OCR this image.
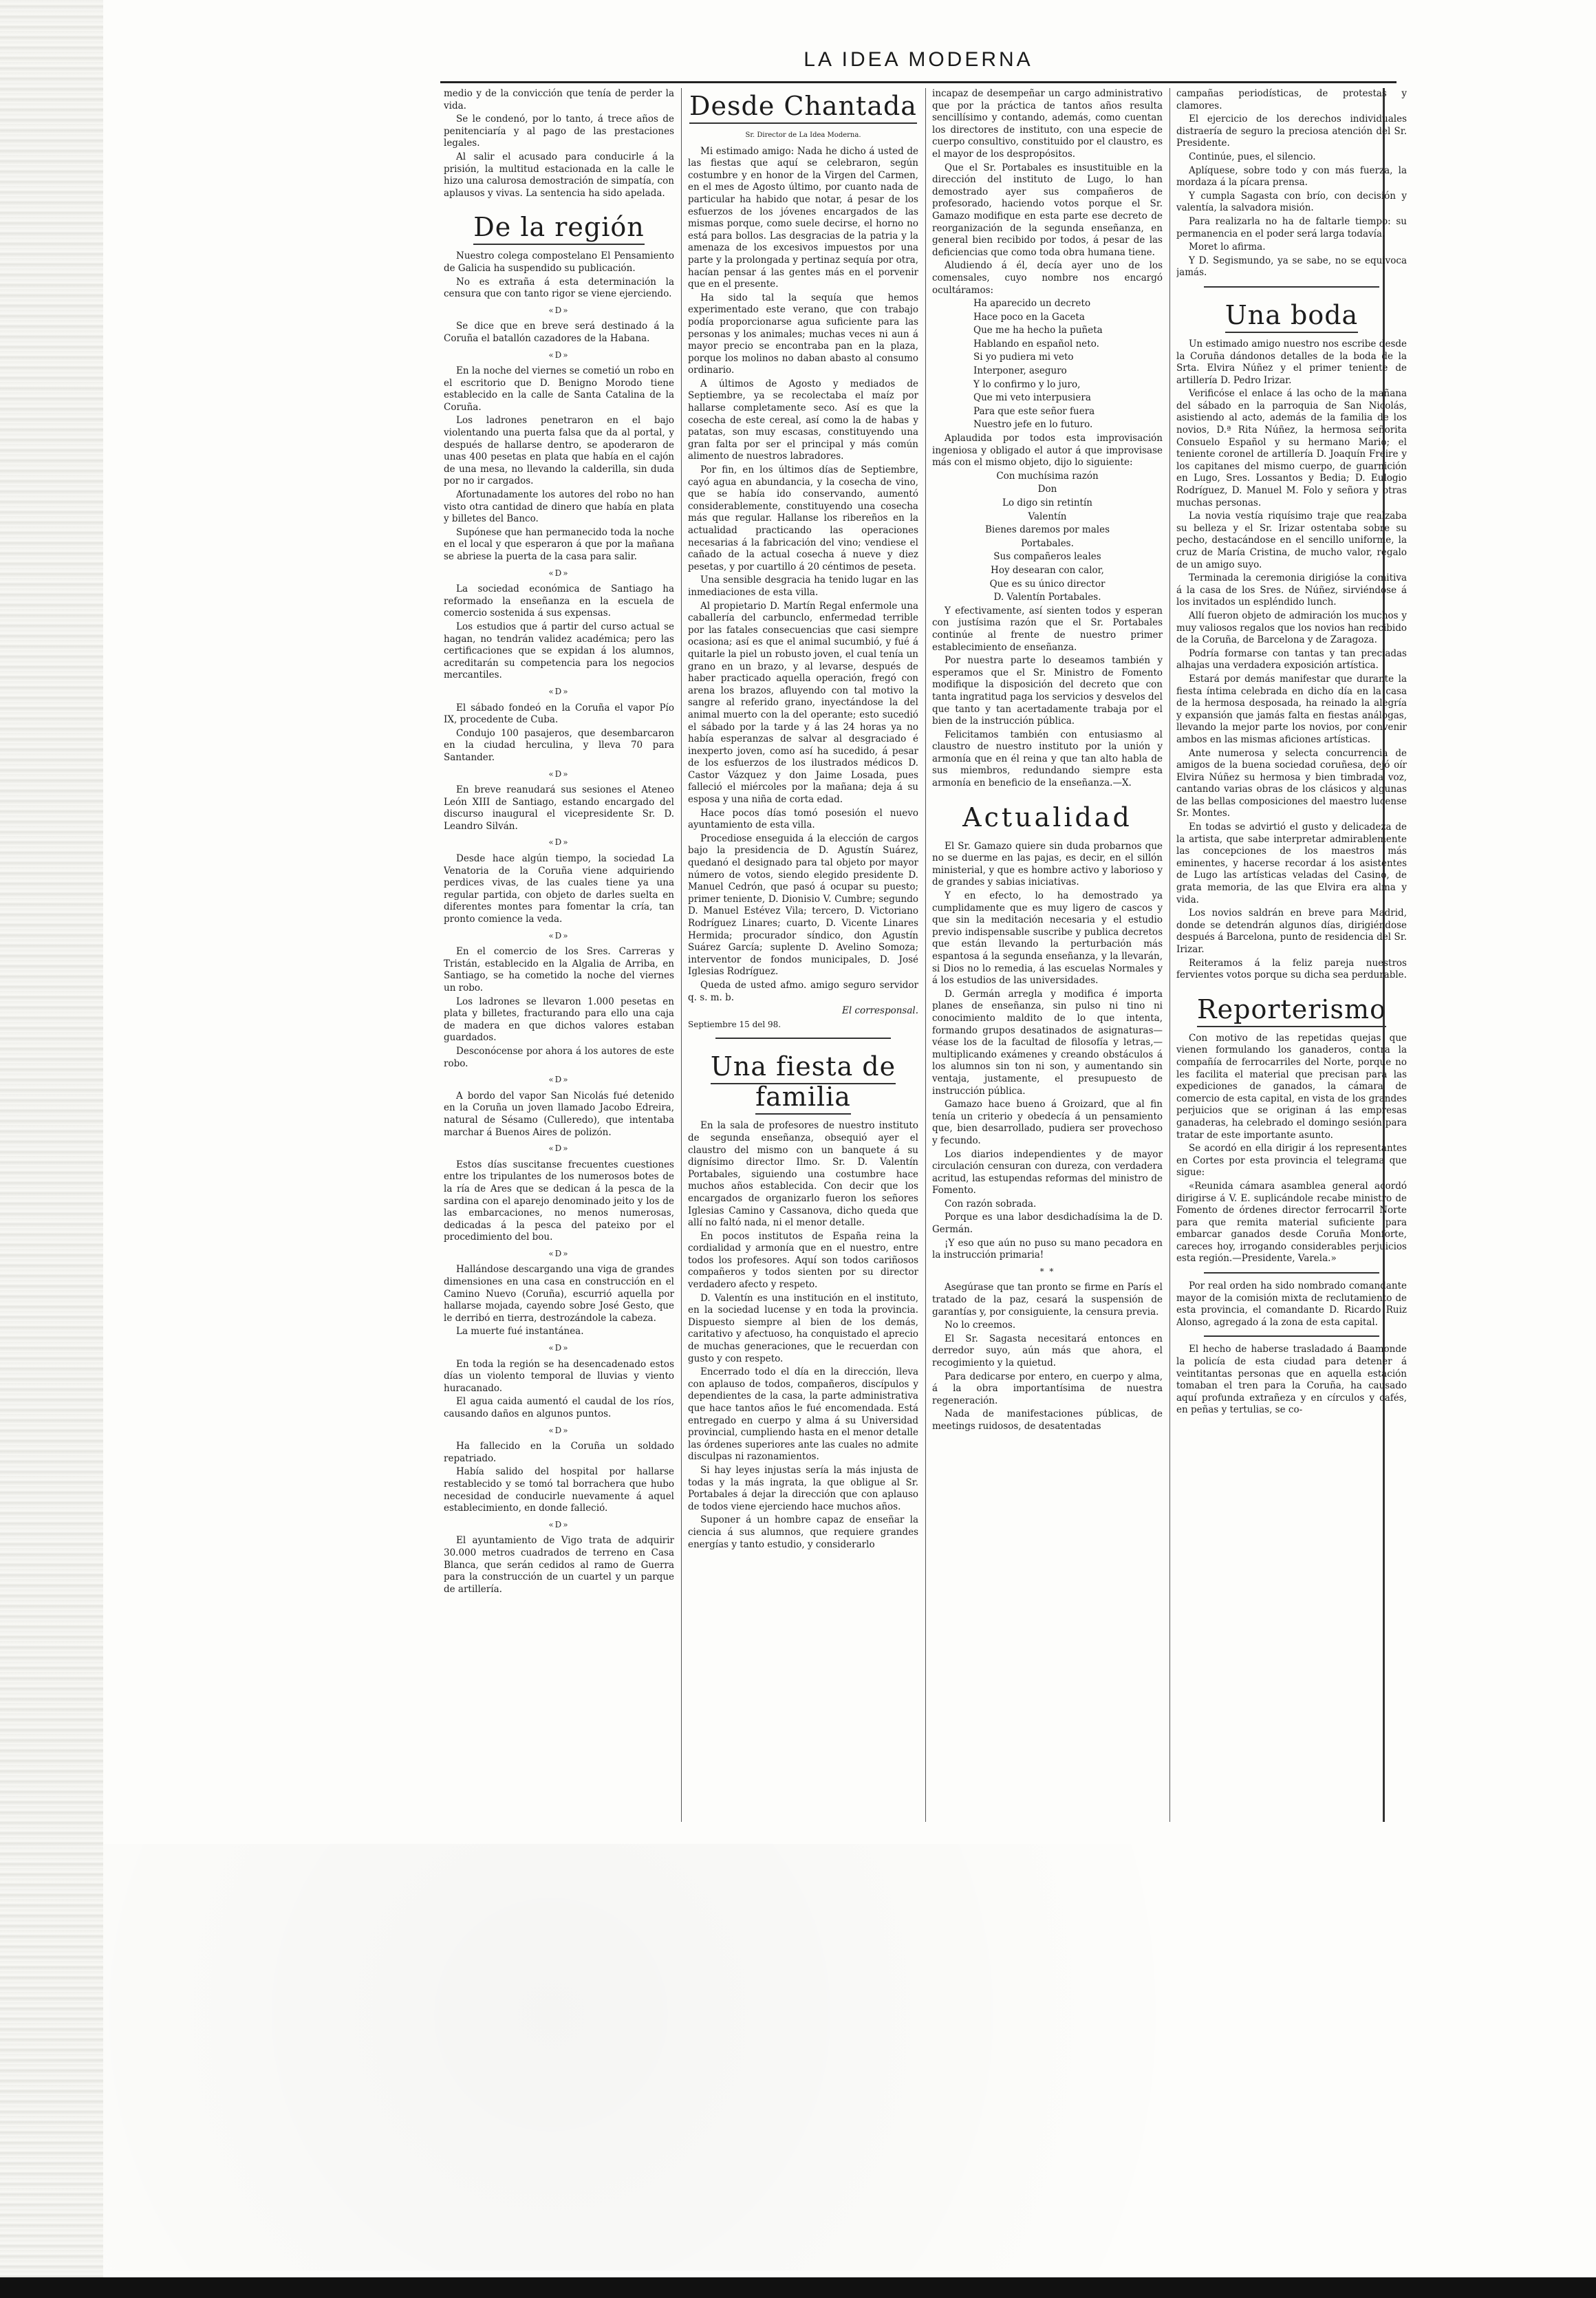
LA IDEA MODERNA

medio y de la convicción que tenía de perder la vida.

Se le condenó, por lo tanto, á trece años de penitenciaría y al pago de las prestaciones legales.

Al salir el acusado para conducirle á la prisión, la multitud estacionada en la calle le hizo una calurosa demostración de simpatía, con aplausos y vivas. La sentencia ha sido apelada.

De la región

Nuestro colega compostelano El Pensamiento de Galicia ha suspendido su publicación.

No es extraña á esta determinación la censura que con tanto rigor se viene ejerciendo.

«D»

Se dice que en breve será destinado á la Coruña el batallón cazadores de la Habana.

«D»

En la noche del viernes se cometió un robo en el escritorio que D. Benigno Morodo tiene establecido en la calle de Santa Catalina de la Coruña.

Los ladrones penetraron en el bajo violentando una puerta falsa que da al portal, y después de hallarse dentro, se apoderaron de unas 400 pesetas en plata que había en el cajón de una mesa, no llevando la calderilla, sin duda por no ir cargados.

Afortunadamente los autores del robo no han visto otra cantidad de dinero que había en plata y billetes del Banco.

Supónese que han permanecido toda la noche en el local y que esperaron á que por la mañana se abriese la puerta de la casa para salir.

«D»

La sociedad económica de Santiago ha reformado la enseñanza en la escuela de comercio sostenida á sus expensas.

Los estudios que á partir del curso actual se hagan, no tendrán validez académica; pero las certificaciones que se expidan á los alumnos, acreditarán su competencia para los negocios mercantiles.

«D»

El sábado fondeó en la Coruña el vapor Pío IX, procedente de Cuba.

Condujo 100 pasajeros, que desembarcaron en la ciudad herculina, y lleva 70 para Santander.

«D»

En breve reanudará sus sesiones el Ateneo León XIII de Santiago, estando encargado del discurso inaugural el vicepresidente Sr. D. Leandro Silván.

«D»

Desde hace algún tiempo, la sociedad La Venatoria de la Coruña viene adquiriendo perdices vivas, de las cuales tiene ya una regular partida, con objeto de darles suelta en diferentes montes para fomentar la cría, tan pronto comience la veda.

«D»

En el comercio de los Sres. Carreras y Tristán, establecido en la Algalia de Arriba, en Santiago, se ha cometido la noche del viernes un robo.

Los ladrones se llevaron 1.000 pesetas en plata y billetes, fracturando para ello una caja de madera en que dichos valores estaban guardados.

Desconócense por ahora á los autores de este robo.

«D»

A bordo del vapor San Nicolás fué detenido en la Coruña un joven llamado Jacobo Edreira, natural de Sésamo (Culleredo), que intentaba marchar á Buenos Aires de polizón.

«D»

Estos días suscitanse frecuentes cuestiones entre los tripulantes de los numerosos botes de la ría de Ares que se dedican á la pesca de la sardina con el aparejo denominado jeito y los de las embarcaciones, no menos numerosas, dedicadas á la pesca del pateixo por el procedimiento del bou.

«D»

Hallándose descargando una viga de grandes dimensiones en una casa en construcción en el Camino Nuevo (Coruña), escurrió aquella por hallarse mojada, cayendo sobre José Gesto, que le derribó en tierra, destrozándole la cabeza.

La muerte fué instantánea.

«D»

En toda la región se ha desencadenado estos días un violento temporal de lluvias y viento huracanado.

El agua caida aumentó el caudal de los ríos, causando daños en algunos puntos.

«D»

Ha fallecido en la Coruña un soldado repatriado.

Había salido del hospital por hallarse restablecido y se tomó tal borrachera que hubo necesidad de conducirle nuevamente á aquel establecimiento, en donde falleció.

«D»

El ayuntamiento de Vigo trata de adquirir 30.000 metros cuadrados de terreno en Casa Blanca, que serán cedidos al ramo de Guerra para la construcción de un cuartel y un parque de artillería.

Desde Chantada

Sr. Director de La Idea Moderna.

Mi estimado amigo: Nada he dicho á usted de las fiestas que aquí se celebraron, según costumbre y en honor de la Virgen del Carmen, en el mes de Agosto último, por cuanto nada de particular ha habido que notar, á pesar de los esfuerzos de los jóvenes encargados de las mismas porque, como suele decirse, el horno no está para bollos. Las desgracias de la patria y la amenaza de los excesivos impuestos por una parte y la prolongada y pertinaz sequía por otra, hacían pensar á las gentes más en el porvenir que en el presente.

Ha sido tal la sequía que hemos experimentado este verano, que con trabajo podía proporcionarse agua suficiente para las personas y los animales; muchas veces ni aun á mayor precio se encontraba pan en la plaza, porque los molinos no daban abasto al consumo ordinario.

A últimos de Agosto y mediados de Septiembre, ya se recolectaba el maíz por hallarse completamente seco. Así es que la cosecha de este cereal, así como la de habas y patatas, son muy escasas, constituyendo una gran falta por ser el principal y más común alimento de nuestros labradores.

Por fin, en los últimos días de Septiembre, cayó agua en abundancia, y la cosecha de vino, que se había ido conservando, aumentó considerablemente, constituyendo una cosecha más que regular. Hallanse los ribereños en la actualidad practicando las operaciones necesarias á la fabricación del vino; vendiese el cañado de la actual cosecha á nueve y diez pesetas, y por cuartillo á 20 céntimos de peseta.

Una sensible desgracia ha tenido lugar en las inmediaciones de esta villa.

Al propietario D. Martín Regal enfermole una caballería del carbunclo, enfermedad terrible por las fatales consecuencias que casi siempre ocasiona; así es que el animal sucumbió, y fué á quitarle la piel un robusto joven, el cual tenía un grano en un brazo, y al levarse, después de haber practicado aquella operación, fregó con arena los brazos, afluyendo con tal motivo la sangre al referido grano, inyectándose la del animal muerto con la del operante; esto sucedió el sábado por la tarde y á las 24 horas ya no había esperanzas de salvar al desgraciado é inexperto joven, como así ha sucedido, á pesar de los esfuerzos de los ilustrados médicos D. Castor Vázquez y don Jaime Losada, pues falleció el miércoles por la mañana; deja á su esposa y una niña de corta edad.

Hace pocos días tomó posesión el nuevo ayuntamiento de esta villa.

Procediose enseguida á la elección de cargos bajo la presidencia de D. Agustín Suárez, quedanó el designado para tal objeto por mayor número de votos, siendo elegido presidente D. Manuel Cedrón, que pasó á ocupar su puesto; primer teniente, D. Dionisio V. Cumbre; segundo D. Manuel Estévez Vila; tercero, D. Victoriano Rodríguez Linares; cuarto, D. Vicente Linares Hermida; procurador síndico, don Agustín Suárez García; suplente D. Avelino Somoza; interventor de fondos municipales, D. José Iglesias Rodríguez.

Queda de usted afmo. amigo seguro servidor q. s. m. b.

El corresponsal.

Septiembre 15 del 98.

Una fiesta de familia

En la sala de profesores de nuestro instituto de segunda enseñanza, obsequió ayer el claustro del mismo con un banquete á su dignísimo director Ilmo. Sr. D. Valentín Portabales, siguiendo una costumbre hace muchos años establecida. Con decir que los encargados de organizarlo fueron los señores Iglesias Camino y Cassanova, dicho queda que allí no faltó nada, ni el menor detalle.

En pocos institutos de España reina la cordialidad y armonía que en el nuestro, entre todos los profesores. Aquí son todos cariñosos compañeros y todos sienten por su director verdadero afecto y respeto.

D. Valentín es una institución en el instituto, en la sociedad lucense y en toda la provincia. Dispuesto siempre al bien de los demás, caritativo y afectuoso, ha conquistado el aprecio de muchas generaciones, que le recuerdan con gusto y con respeto.

Encerrado todo el día en la dirección, lleva con aplauso de todos, compañeros, discípulos y dependientes de la casa, la parte administrativa que hace tantos años le fué encomendada. Está entregado en cuerpo y alma á su Universidad provincial, cumpliendo hasta en el menor detalle las órdenes superiores ante las cuales no admite disculpas ni razonamientos.

Si hay leyes injustas sería la más injusta de todas y la más ingrata, la que obligue al Sr. Portabales á dejar la dirección que con aplauso de todos viene ejerciendo hace muchos años.

Suponer á un hombre capaz de enseñar la ciencia á sus alumnos, que requiere grandes energías y tanto estudio, y considerarlo

incapaz de desempeñar un cargo administrativo que por la práctica de tantos años resulta sencillísimo y contando, además, como cuentan los directores de instituto, con una especie de cuerpo consultivo, constituido por el claustro, es el mayor de los despropósitos.

Que el Sr. Portabales es insustituible en la dirección del instituto de Lugo, lo han demostrado ayer sus compañeros de profesorado, haciendo votos porque el Sr. Gamazo modifique en esta parte ese decreto de reorganización de la segunda enseñanza, en general bien recibido por todos, á pesar de las deficiencias que como toda obra humana tiene.

Aludiendo á él, decía ayer uno de los comensales, cuyo nombre nos encargó ocultáramos:

Ha aparecido un decreto

Hace poco en la Gaceta

Que me ha hecho la puñeta

Hablando en español neto.

Si yo pudiera mi veto

Interponer, aseguro

Y lo confirmo y lo juro,

Que mi veto interpusiera

Para que este señor fuera

Nuestro jefe en lo futuro.

Aplaudida por todos esta improvisación ingeniosa y obligado el autor á que improvisase más con el mismo objeto, dijo lo siguiente:

Con muchísima razón

Don

Lo digo sin retintín

Valentín

Bienes daremos por males

Portabales.

Sus compañeros leales

Hoy desearan con calor,

Que es su único director

D. Valentín Portabales.

Y efectivamente, así sienten todos y esperan con justísima razón que el Sr. Portabales continúe al frente de nuestro primer establecimiento de enseñanza.

Por nuestra parte lo deseamos también y esperamos que el Sr. Ministro de Fomento modifique la disposición del decreto que con tanta ingratitud paga los servicios y desvelos del que tanto y tan acertadamente trabaja por el bien de la instrucción pública.

Felicitamos también con entusiasmo al claustro de nuestro instituto por la unión y armonía que en él reina y que tan alto habla de sus miembros, redundando siempre esta armonía en beneficio de la enseñanza.—X.

Actualidad

El Sr. Gamazo quiere sin duda probarnos que no se duerme en las pajas, es decir, en el sillón ministerial, y que es hombre activo y laborioso y de grandes y sabias iniciativas.

Y en efecto, lo ha demostrado ya cumplidamente que es muy ligero de cascos y que sin la meditación necesaria y el estudio previo indispensable suscribe y publica decretos que están llevando la perturbación más espantosa á la segunda enseñanza, y la llevarán, si Dios no lo remedia, á las escuelas Normales y á los estudios de las universidades.

D. Germán arregla y modifica é importa planes de enseñanza, sin pulso ni tino ni conocimiento maldito de lo que intenta, formando grupos desatinados de asignaturas—véase los de la facultad de filosofía y letras,—multiplicando exámenes y creando obstáculos á los alumnos sin ton ni son, y aumentando sin ventaja, justamente, el presupuesto de instrucción pública.

Gamazo hace bueno á Groizard, que al fin tenía un criterio y obedecía á un pensamiento que, bien desarrollado, pudiera ser provechoso y fecundo.

Los diarios independientes y de mayor circulación censuran con dureza, con verdadera acritud, las estupendas reformas del ministro de Fomento.

Con razón sobrada.

Porque es una labor desdichadísima la de D. Germán.

¡Y eso que aún no puso su mano pecadora en la instrucción primaria!

* *

Asegúrase que tan pronto se firme en París el tratado de la paz, cesará la suspensión de garantías y, por consiguiente, la censura previa.

No lo creemos.

El Sr. Sagasta necesitará entonces en derredor suyo, aún más que ahora, el recogimiento y la quietud.

Para dedicarse por entero, en cuerpo y alma, á la obra importantísima de nuestra regeneración.

Nada de manifestaciones públicas, de meetings ruidosos, de desatentadas

campañas periodísticas, de protestas y clamores.

El ejercicio de los derechos individuales distraería de seguro la preciosa atención del Sr. Presidente.

Continúe, pues, el silencio.

Aplíquese, sobre todo y con más fuerza, la mordaza á la pícara prensa.

Y cumpla Sagasta con brío, con decisión y valentía, la salvadora misión.

Para realizarla no ha de faltarle tiempo: su permanencia en el poder será larga todavía.

Moret lo afirma.

Y D. Segismundo, ya se sabe, no se equivoca jamás.

Una boda

Un estimado amigo nuestro nos escribe desde la Coruña dándonos detalles de la boda de la Srta. Elvira Núñez y el primer teniente de artillería D. Pedro Irizar.

Verificóse el enlace á las ocho de la mañana del sábado en la parroquia de San Nicolás, asistiendo al acto, además de la familia de los novios, D.ª Rita Núñez, la hermosa señorita Consuelo Español y su hermano Mario; el teniente coronel de artillería D. Joaquín Freire y los capitanes del mismo cuerpo, de guarnición en Lugo, Sres. Lossantos y Bedia; D. Eulogio Rodríguez, D. Manuel M. Folo y señora y otras muchas personas.

La novia vestía riquísimo traje que realzaba su belleza y el Sr. Irizar ostentaba sobre su pecho, destacándose en el sencillo uniforme, la cruz de María Cristina, de mucho valor, regalo de un amigo suyo.

Terminada la ceremonia dirigióse la comitiva á la casa de los Sres. de Núñez, sirviéndose á los invitados un espléndido lunch.

Allí fueron objeto de admiración los muchos y muy valiosos regalos que los novios han recibido de la Coruña, de Barcelona y de Zaragoza.

Podría formarse con tantas y tan preciadas alhajas una verdadera exposición artística.

Estará por demás manifestar que durante la fiesta íntima celebrada en dicho día en la casa de la hermosa desposada, ha reinado la alegría y expansión que jamás falta en fiestas análogas, llevando la mejor parte los novios, por convenir ambos en las mismas aficiones artísticas.

Ante numerosa y selecta concurrencia de amigos de la buena sociedad coruñesa, dejó oír Elvira Núñez su hermosa y bien timbrada voz, cantando varias obras de los clásicos y algunas de las bellas composiciones del maestro lucense Sr. Montes.

En todas se advirtió el gusto y delicadeza de la artista, que sabe interpretar admirablemente las concepciones de los maestros más eminentes, y hacerse recordar á los asistentes de Lugo las artísticas veladas del Casino, de grata memoria, de las que Elvira era alma y vida.

Los novios saldrán en breve para Madrid, donde se detendrán algunos días, dirigiéndose después á Barcelona, punto de residencia del Sr. Irizar.

Reiteramos á la feliz pareja nuestros fervientes votos porque su dicha sea perdurable.

Reporterismo

Con motivo de las repetidas quejas que vienen formulando los ganaderos, contra la compañía de ferrocarriles del Norte, porque no les facilita el material que precisan para las expediciones de ganados, la cámara de comercio de esta capital, en vista de los grandes perjuicios que se originan á las empresas ganaderas, ha celebrado el domingo sesión para tratar de este importante asunto.

Se acordó en ella dirigir á los representantes en Cortes por esta provincia el telegrama que sigue:

«Reunida cámara asamblea general acordó dirigirse á V. E. suplicándole recabe ministro de Fomento de órdenes director ferrocarril Norte para que remita material suficiente para embarcar ganados desde Coruña Monforte, careces hoy, irrogando considerables perjuicios esta región.—Presidente, Varela.»

Por real orden ha sido nombrado comandante mayor de la comisión mixta de reclutamiento de esta provincia, el comandante D. Ricardo Ruiz Alonso, agregado á la zona de esta capital.

El hecho de haberse trasladado á Baamonde la policía de esta ciudad para detener á veintitantas personas que en aquella estación tomaban el tren para la Coruña, ha causado aquí profunda extrañeza y en círculos y cafés, en peñas y tertulias, se co-
